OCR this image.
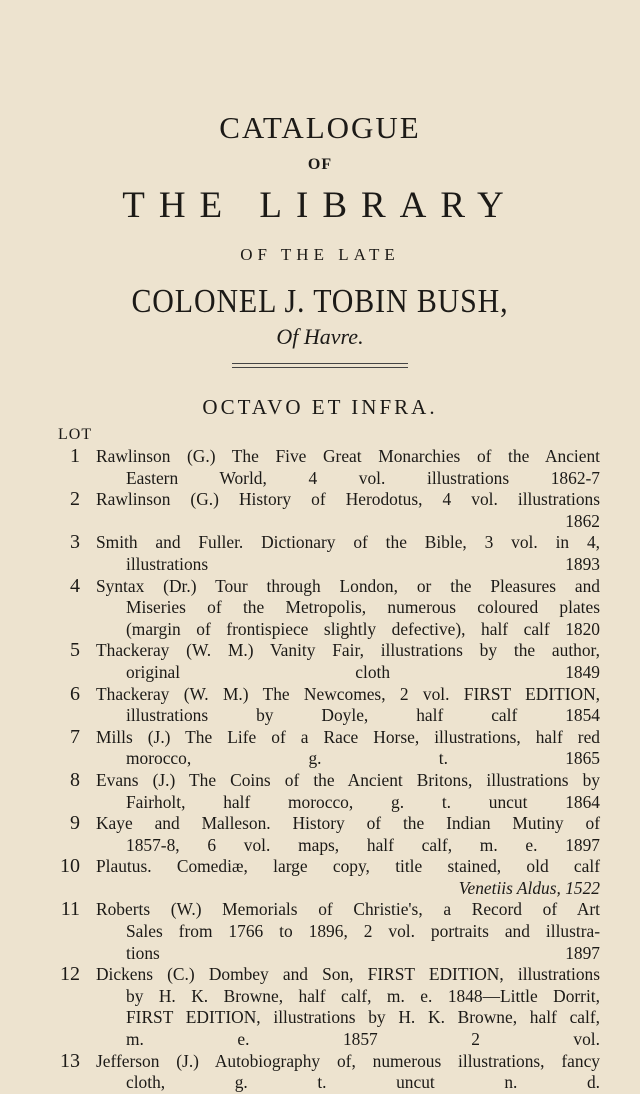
CATALOGUE
OF
THE LIBRARY
OF THE LATE
COLONEL J. TOBIN BUSH,
Of Havre.
OCTAVO ET INFRA.
LOT
1 Rawlinson (G.) The Five Great Monarchies of the Ancient
Eastern World, 4 vol. illustrations 1862-7
2 Rawlinson (G.) History of Herodotus, 4 vol. illustrations
1862
3 Smith and Fuller. Dictionary of the Bible, 3 vol. in 4,
illustrations 1893
4 Syntax (Dr.) Tour through London, or the Pleasures and
Miseries of the Metropolis, numerous coloured plates
(margin of frontispiece slightly defective), half calf 1820
5 Thackeray (W. M.) Vanity Fair, illustrations by the author,
original cloth 1849
6 Thackeray (W. M.) The Newcomes, 2 vol. FIRST EDITION,
illustrations by Doyle, half calf 1854
7 Mills (J.) The Life of a Race Horse, illustrations, half red
morocco, g. t. 1865
8 Evans (J.) The Coins of the Ancient Britons, illustrations by
Fairholt, half morocco, g. t. uncut 1864
9 Kaye and Malleson. History of the Indian Mutiny of
1857-8, 6 vol. maps, half calf, m. e. 1897
10 Plautus. Comediæ, large copy, title stained, old calf
Venetiis Aldus, 1522
11 Roberts (W.) Memorials of Christie's, a Record of Art
Sales from 1766 to 1896, 2 vol. portraits and illustra-
tions 1897
12 Dickens (C.) Dombey and Son, FIRST EDITION, illustrations
by H. K. Browne, half calf, m. e. 1848—Little Dorrit,
FIRST EDITION, illustrations by H. K. Browne, half calf,
m. e. 1857 2 vol.
13 Jefferson (J.) Autobiography of, numerous illustrations, fancy
cloth, g. t. uncut n. d.
